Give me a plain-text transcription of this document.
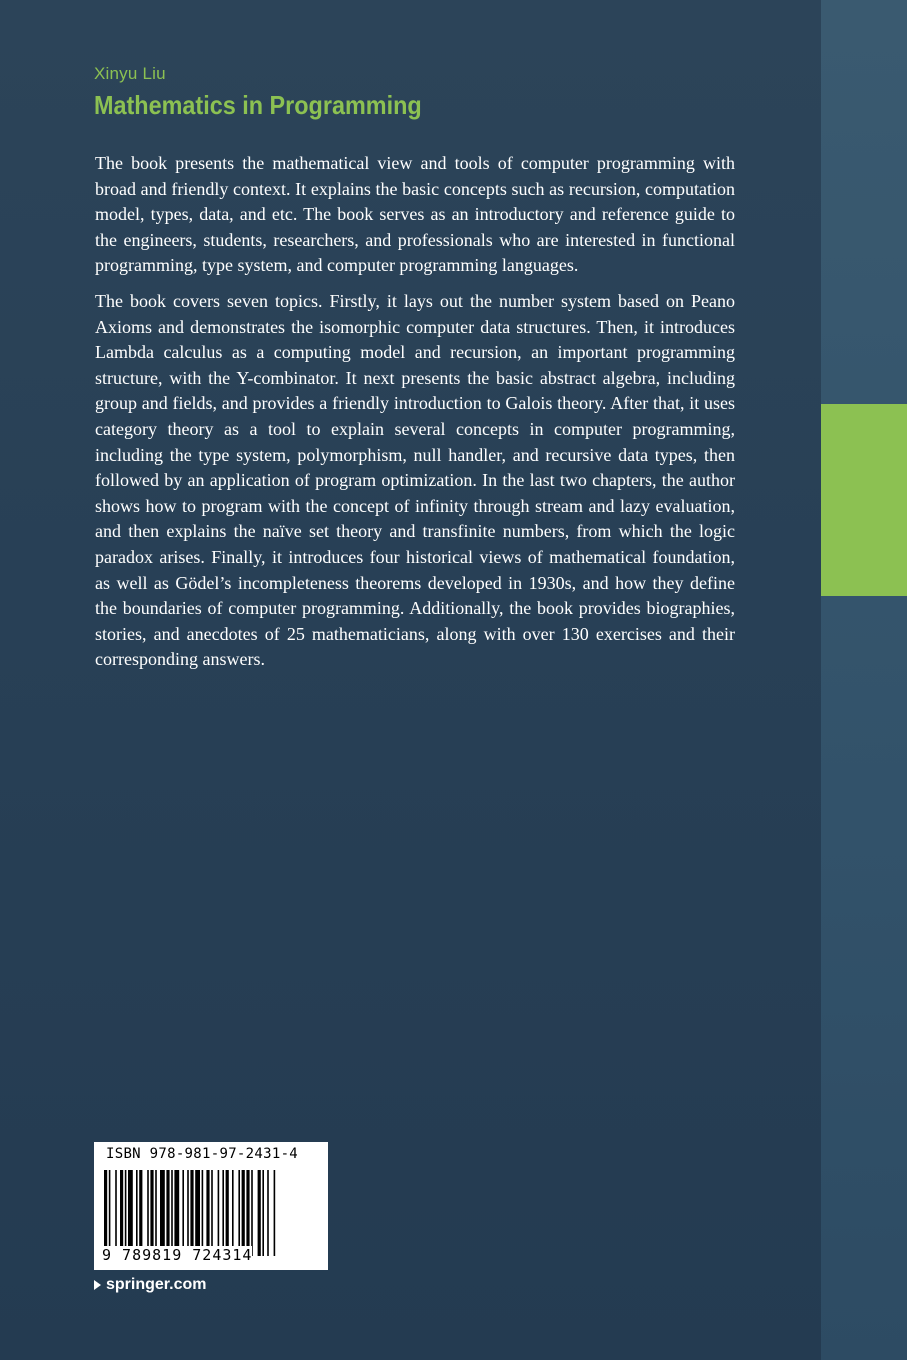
Xinyu Liu

Mathematics in Programming

The book presents the mathematical view and tools of computer programming with broad and friendly context. It explains the basic concepts such as recursion, computation model, types, data, and etc. The book serves as an introductory and reference guide to the engineers, students, researchers, and professionals who are interested in functional programming, type system, and computer programming languages.

The book covers seven topics. Firstly, it lays out the number system based on Peano Axioms and demonstrates the isomorphic computer data structures. Then, it introduces Lambda calculus as a computing model and recursion, an important programming structure, with the Y-combinator. It next presents the basic abstract algebra, including group and fields, and provides a friendly introduction to Galois theory. After that, it uses category theory as a tool to explain several concepts in computer programming, including the type system, polymorphism, null handler, and recursive data types, then followed by an application of program optimization. In the last two chapters, the author shows how to program with the concept of infinity through stream and lazy evaluation, and then explains the naïve set theory and transfinite numbers, from which the logic paradox arises. Finally, it introduces four historical views of mathematical foundation, as well as Gödel’s incompleteness theorems developed in 1930s, and how they define the boundaries of computer programming. Additionally, the book provides biographies, stories, and anecdotes of 25 mathematicians, along with over 130 exercises and their corresponding answers.

ISBN 978-981-97-2431-4
9 789819 724314
springer.com
